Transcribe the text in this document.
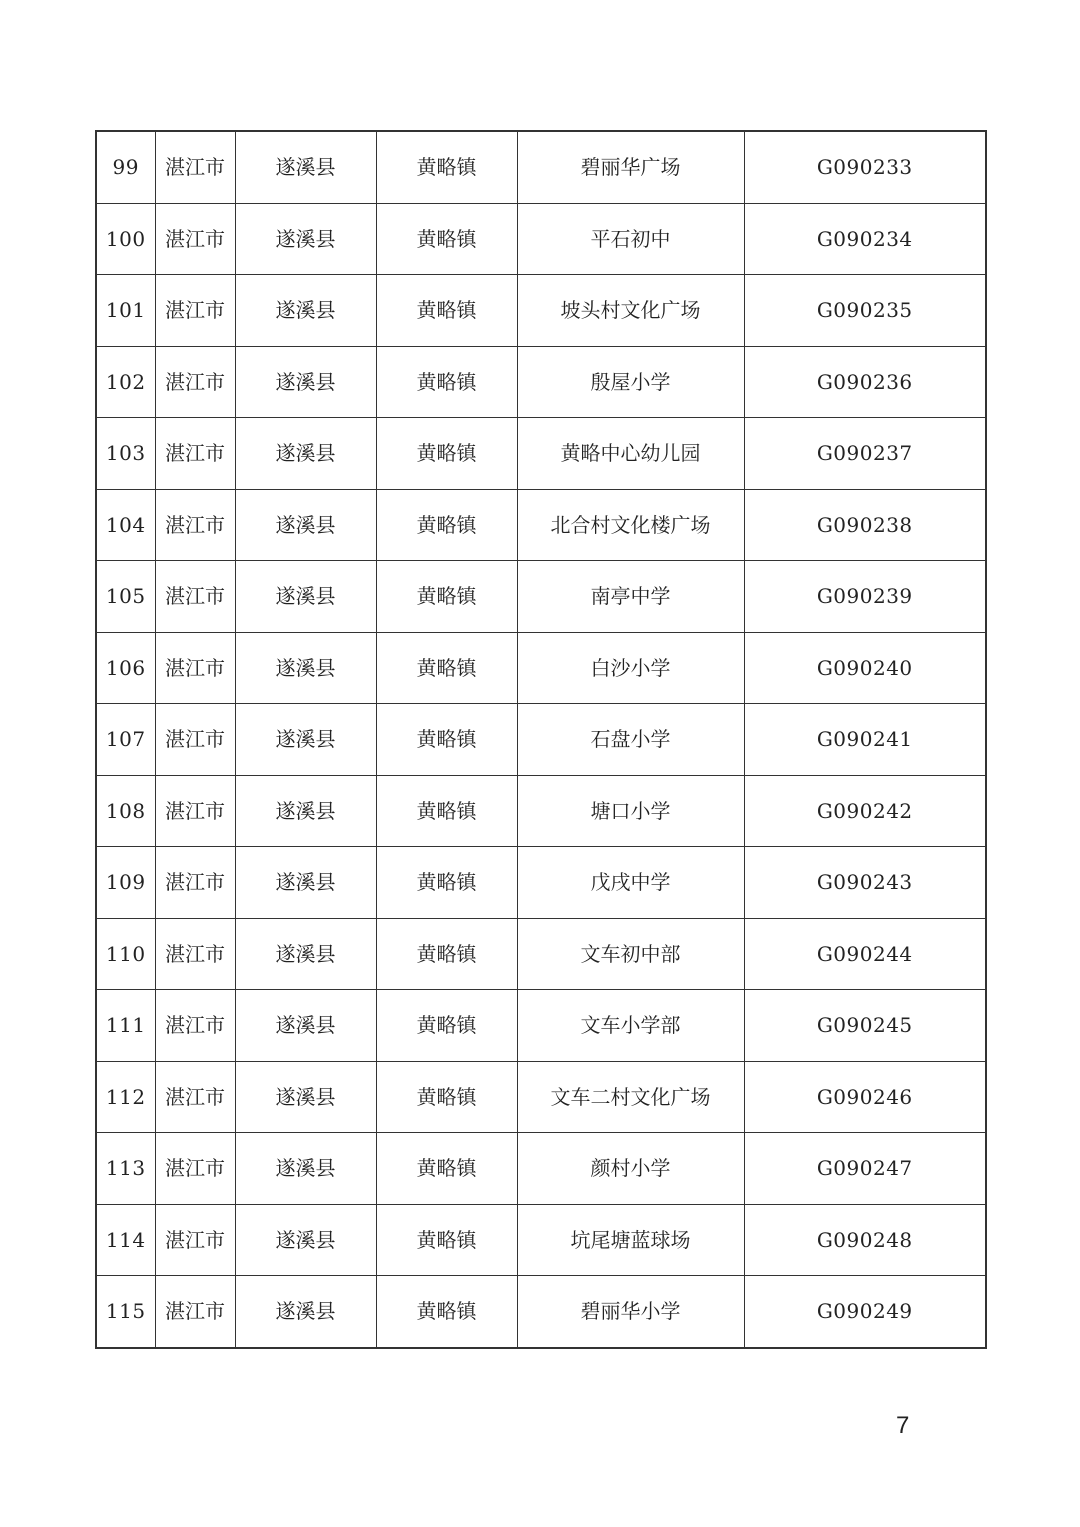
99	湛江市	遂溪县	黄略镇	碧丽华广场	G090233
100	湛江市	遂溪县	黄略镇	平石初中	G090234
101	湛江市	遂溪县	黄略镇	坡头村文化广场	G090235
102	湛江市	遂溪县	黄略镇	殷屋小学	G090236
103	湛江市	遂溪县	黄略镇	黄略中心幼儿园	G090237
104	湛江市	遂溪县	黄略镇	北合村文化楼广场	G090238
105	湛江市	遂溪县	黄略镇	南亭中学	G090239
106	湛江市	遂溪县	黄略镇	白沙小学	G090240
107	湛江市	遂溪县	黄略镇	石盘小学	G090241
108	湛江市	遂溪县	黄略镇	塘口小学	G090242
109	湛江市	遂溪县	黄略镇	戊戌中学	G090243
110	湛江市	遂溪县	黄略镇	文车初中部	G090244
111	湛江市	遂溪县	黄略镇	文车小学部	G090245
112	湛江市	遂溪县	黄略镇	文车二村文化广场	G090246
113	湛江市	遂溪县	黄略镇	颜村小学	G090247
114	湛江市	遂溪县	黄略镇	坑尾塘蓝球场	G090248
115	湛江市	遂溪县	黄略镇	碧丽华小学	G090249
7
